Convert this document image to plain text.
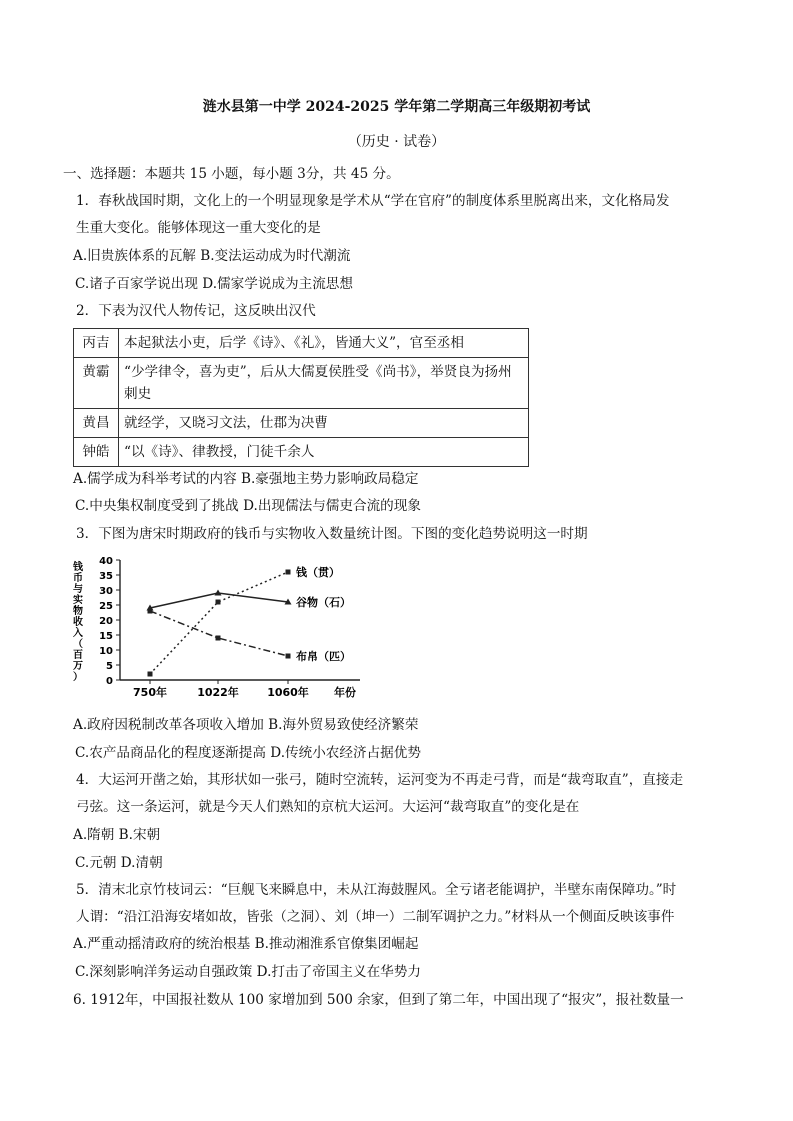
涟水县第一中学 2024-2025 学年第二学期高三年级期初考试
（历史 · 试卷）
一、选择题：本题共 15 小题，每小题 3分，共 45 分。
1．春秋战国时期，文化上的一个明显现象是学术从“学在官府”的制度体系里脱离出来，文化格局发
生重大变化。能够体现这一重大变化的是
A.旧贵族体系的瓦解 B.变法运动成为时代潮流
C.诸子百家学说出现 D.儒家学说成为主流思想
2．下表为汉代人物传记，这反映出汉代
丙吉	本起狱法小吏，后学《诗》、《礼》，皆通大义”，官至丞相
黄霸	“少学律令，喜为吏”，后从大儒夏侯胜受《尚书》，举贤良为扬州刺史
黄昌	就经学，又晓习文法，仕郡为决曹
钟皓	“以《诗》、律教授，门徒千余人
A.儒学成为科举考试的内容 B.豪强地主势力影响政局稳定
C.中央集权制度受到了挑战 D.出现儒法与儒吏合流的现象
3．下图为唐宋时期政府的钱币与实物收入数量统计图。下图的变化趋势说明这一时期
钱
币
与
实
物
收
入
（
百
万
） 0
5
10
15
20
25
30
35
40
750年	1022年	1060年
钱（贯）
谷物（石）
布帛（匹）
年份
A.政府因税制改革各项收入增加 B.海外贸易致使经济繁荣
C.农产品商品化的程度逐渐提高 D.传统小农经济占据优势
4．大运河开凿之始，其形状如一张弓，随时空流转，运河变为不再走弓背，而是“裁弯取直”，直接走
弓弦。这一条运河，就是今天人们熟知的京杭大运河。大运河“裁弯取直”的变化是在
A.隋朝 B.宋朝
C.元朝 D.清朝
5．清末北京竹枝词云：“巨舰飞来瞬息中，未从江海鼓腥风。全亏诸老能调护，半壁东南保障功。”时
人谓：“沿江沿海安堵如故，皆张（之洞）、刘（坤一）二制军调护之力。”材料从一个侧面反映该事件
A.严重动摇清政府的统治根基 B.推动湘淮系官僚集团崛起
C.深刻影响洋务运动自强政策 D.打击了帝国主义在华势力
6. 1912年，中国报社数从 100 家增加到 500 余家，但到了第二年，中国出现了“报灾”，报社数量一
